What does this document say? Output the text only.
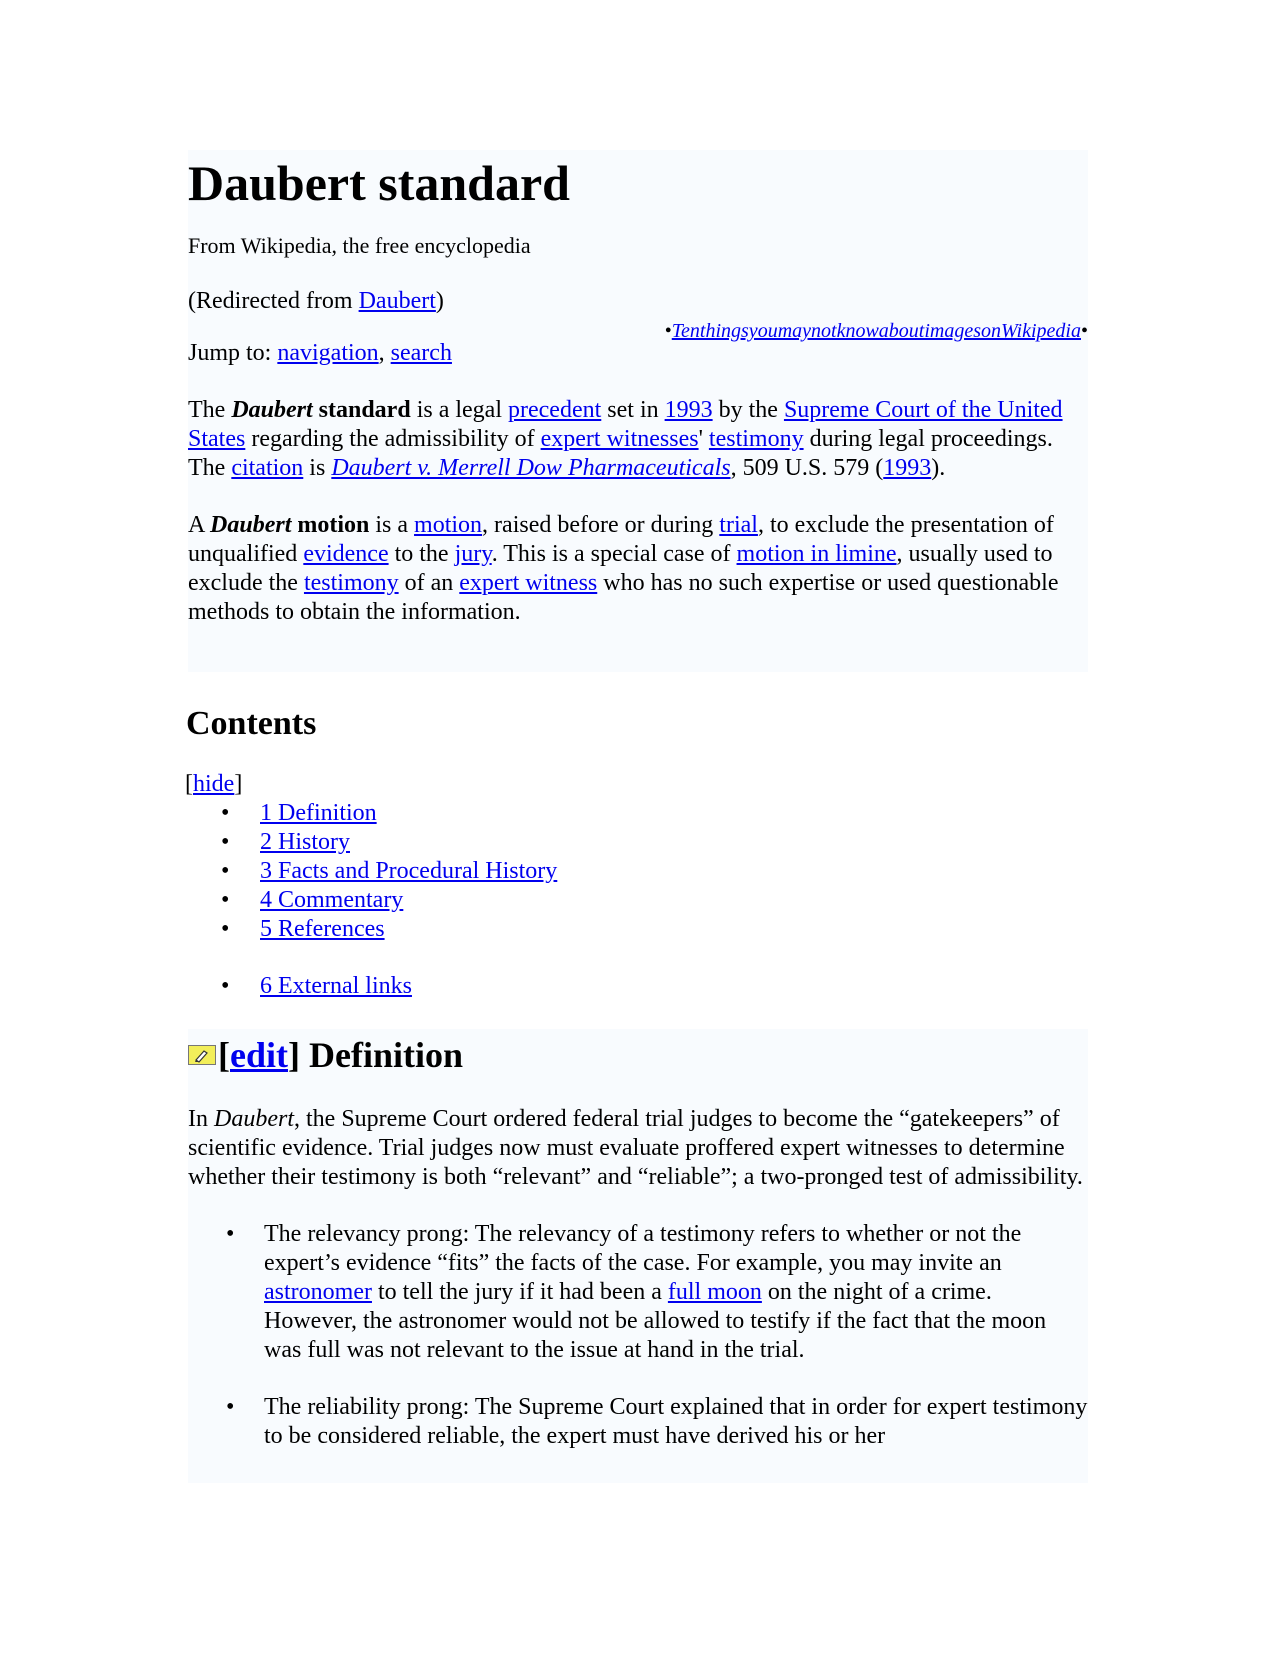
Daubert standard
From Wikipedia, the free encyclopedia
(Redirected from Daubert)
•TenthingsyoumaynotknowaboutimagesonWikipedia•
Jump to: navigation, search

The Daubert standard is a legal precedent set in 1993 by the Supreme Court of the United States regarding the admissibility of expert witnesses' testimony during legal proceedings. The citation is Daubert v. Merrell Dow Pharmaceuticals, 509 U.S. 579 (1993).

A Daubert motion is a motion, raised before or during trial, to exclude the presentation of unqualified evidence to the jury. This is a special case of motion in limine, usually used to exclude the testimony of an expert witness who has no such expertise or used questionable methods to obtain the information.

Contents
[hide]
• 1 Definition
• 2 History
• 3 Facts and Procedural History
• 4 Commentary
• 5 References
• 6 External links
[ edit ] Definition

In Daubert, the Supreme Court ordered federal trial judges to become the “gatekeepers” of scientific evidence. Trial judges now must evaluate proffered expert witnesses to determine whether their testimony is both “relevant” and “reliable”; a two-pronged test of admissibility.

• The relevancy prong: The relevancy of a testimony refers to whether or not the expert’s evidence “fits” the facts of the case. For example, you may invite an astronomer to tell the jury if it had been a full moon on the night of a crime. However, the astronomer would not be allowed to testify if the fact that the moon was full was not relevant to the issue at hand in the trial.
• The reliability prong: The Supreme Court explained that in order for expert testimony to be considered reliable, the expert must have derived his or her
